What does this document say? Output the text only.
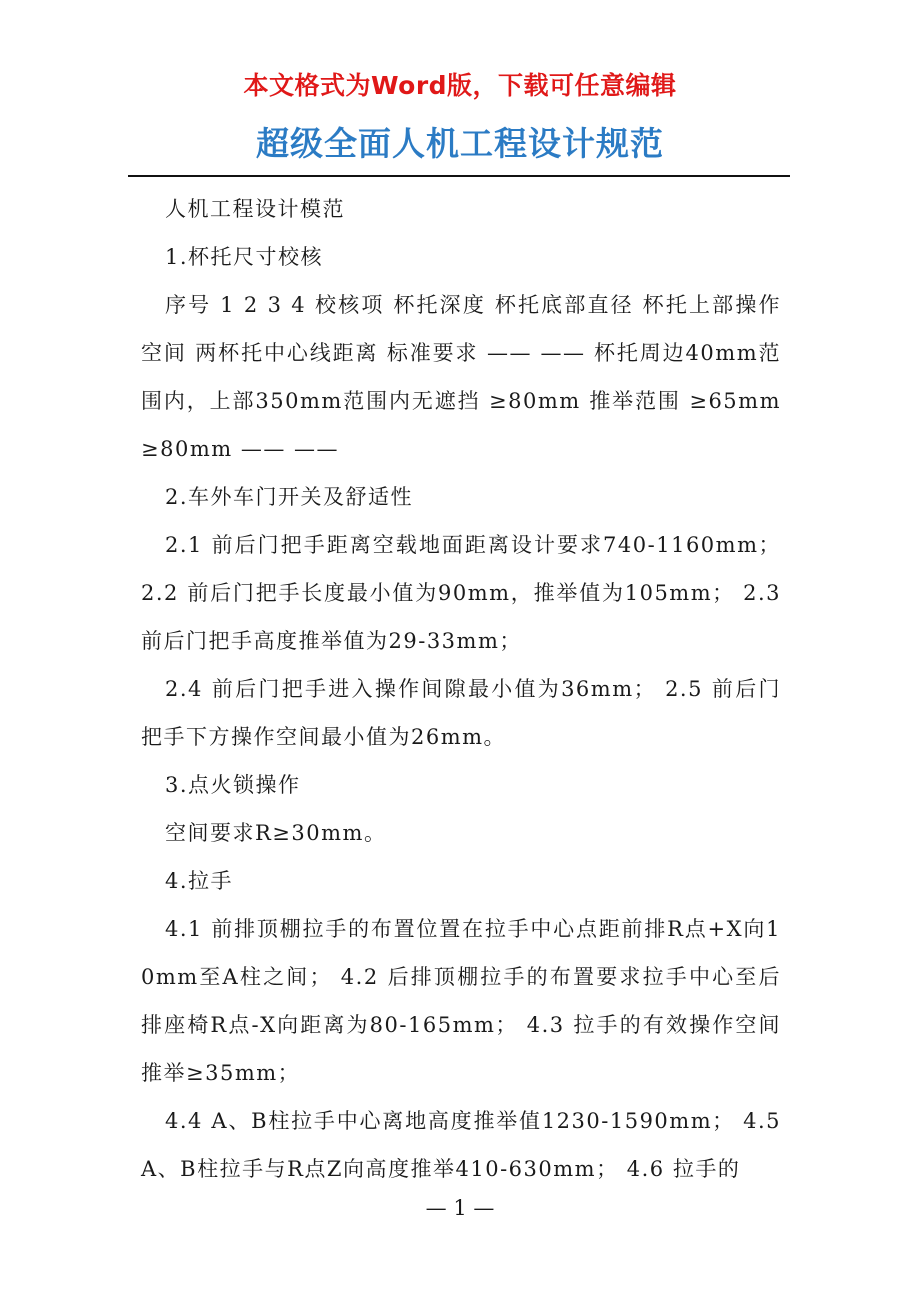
本文格式为Word版，下载可任意编辑
超级全面人机工程设计规范

人机工程设计模范

1.杯托尺寸校核

序号 1 2 3 4 校核项 杯托深度 杯托底部直径 杯托上部操作空间 两杯托中心线距离 标准要求 —— —— 杯托周边40mm范围内，上部350mm范围内无遮挡 ≥80mm 推举范围 ≥65mm ≥80mm —— ——

2.车外车门开关及舒适性

2.1 前后门把手距离空载地面距离设计要求740-1160mm；2.2 前后门把手长度最小值为90mm，推举值为105mm； 2.3 前后门把手高度推举值为29-33mm；

2.4 前后门把手进入操作间隙最小值为36mm； 2.5 前后门把手下方操作空间最小值为26mm。

3.点火锁操作

空间要求R≥30mm。

4.拉手

4.1 前排顶棚拉手的布置位置在拉手中心点距前排R点+X向10mm至A柱之间； 4.2 后排顶棚拉手的布置要求拉手中心至后排座椅R点-X向距离为80-165mm； 4.3 拉手的有效操作空间推举≥35mm；

4.4 A、B柱拉手中心离地高度推举值1230-1590mm； 4.5 A、B柱拉手与R点Z向高度推举410-630mm； 4.6 拉手的

— 1 —
